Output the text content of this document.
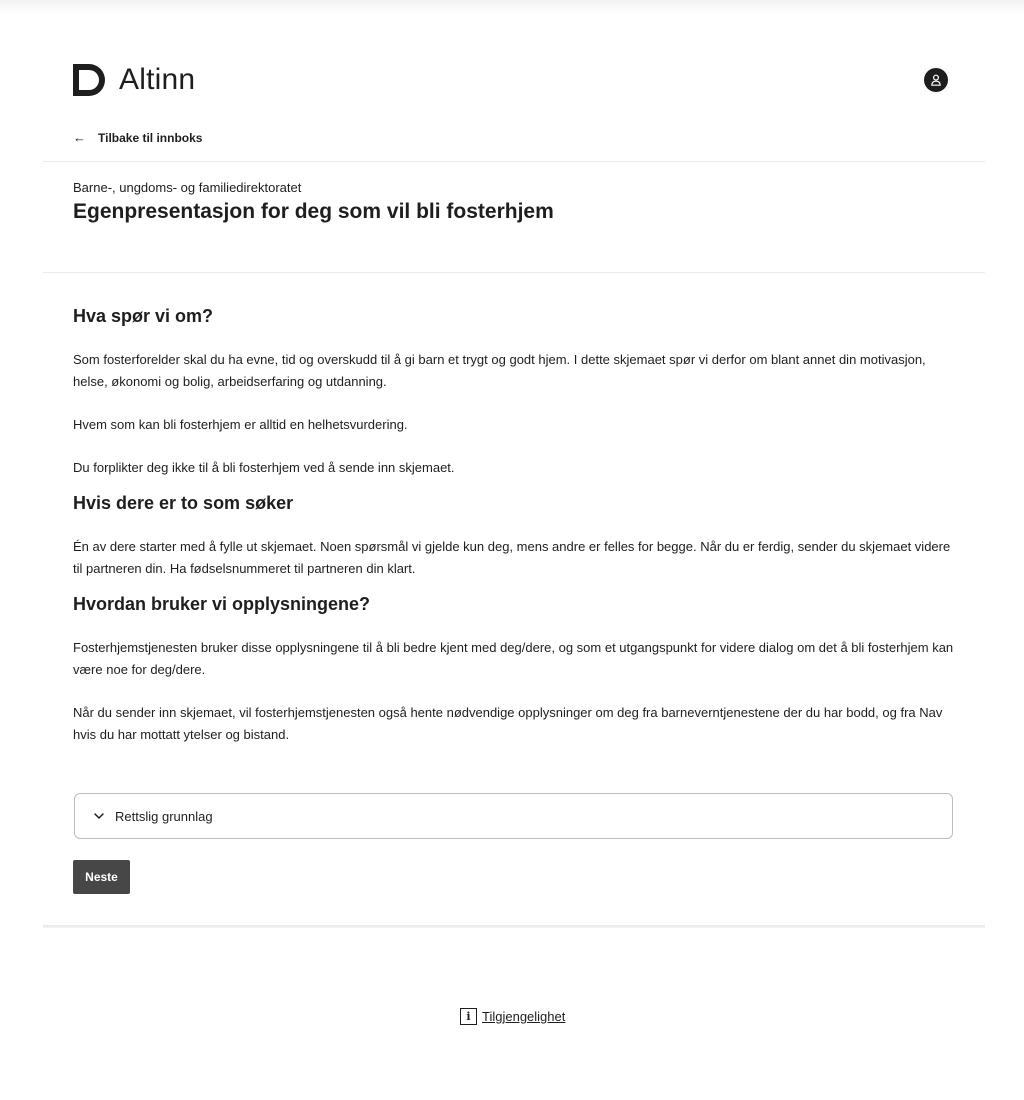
Altinn
← Tilbake til innboks
Barne-, ungdoms- og familiedirektoratet
Egenpresentasjon for deg som vil bli fosterhjem
Hva spør vi om?

Som fosterforelder skal du ha evne, tid og overskudd til å gi barn et trygt og godt hjem. I dette skjemaet spør vi derfor om blant annet din motivasjon, helse, økonomi og bolig, arbeidserfaring og utdanning.

Hvem som kan bli fosterhjem er alltid en helhetsvurdering.

Du forplikter deg ikke til å bli fosterhjem ved å sende inn skjemaet.

Hvis dere er to som søker

Én av dere starter med å fylle ut skjemaet. Noen spørsmål vi gjelde kun deg, mens andre er felles for begge. Når du er ferdig, sender du skjemaet videre til partneren din. Ha fødselsnummeret til partneren din klart.

Hvordan bruker vi opplysningene?

Fosterhjemstjenesten bruker disse opplysningene til å bli bedre kjent med deg/dere, og som et utgangspunkt for videre dialog om det å bli fosterhjem kan være noe for deg/dere.

Når du sender inn skjemaet, vil fosterhjemstjenesten også hente nødvendige opplysninger om deg fra barneverntjenestene der du har bodd, og fra Nav hvis du har mottatt ytelser og bistand.

Rettslig grunnlag
Neste
i Tilgjengelighet
